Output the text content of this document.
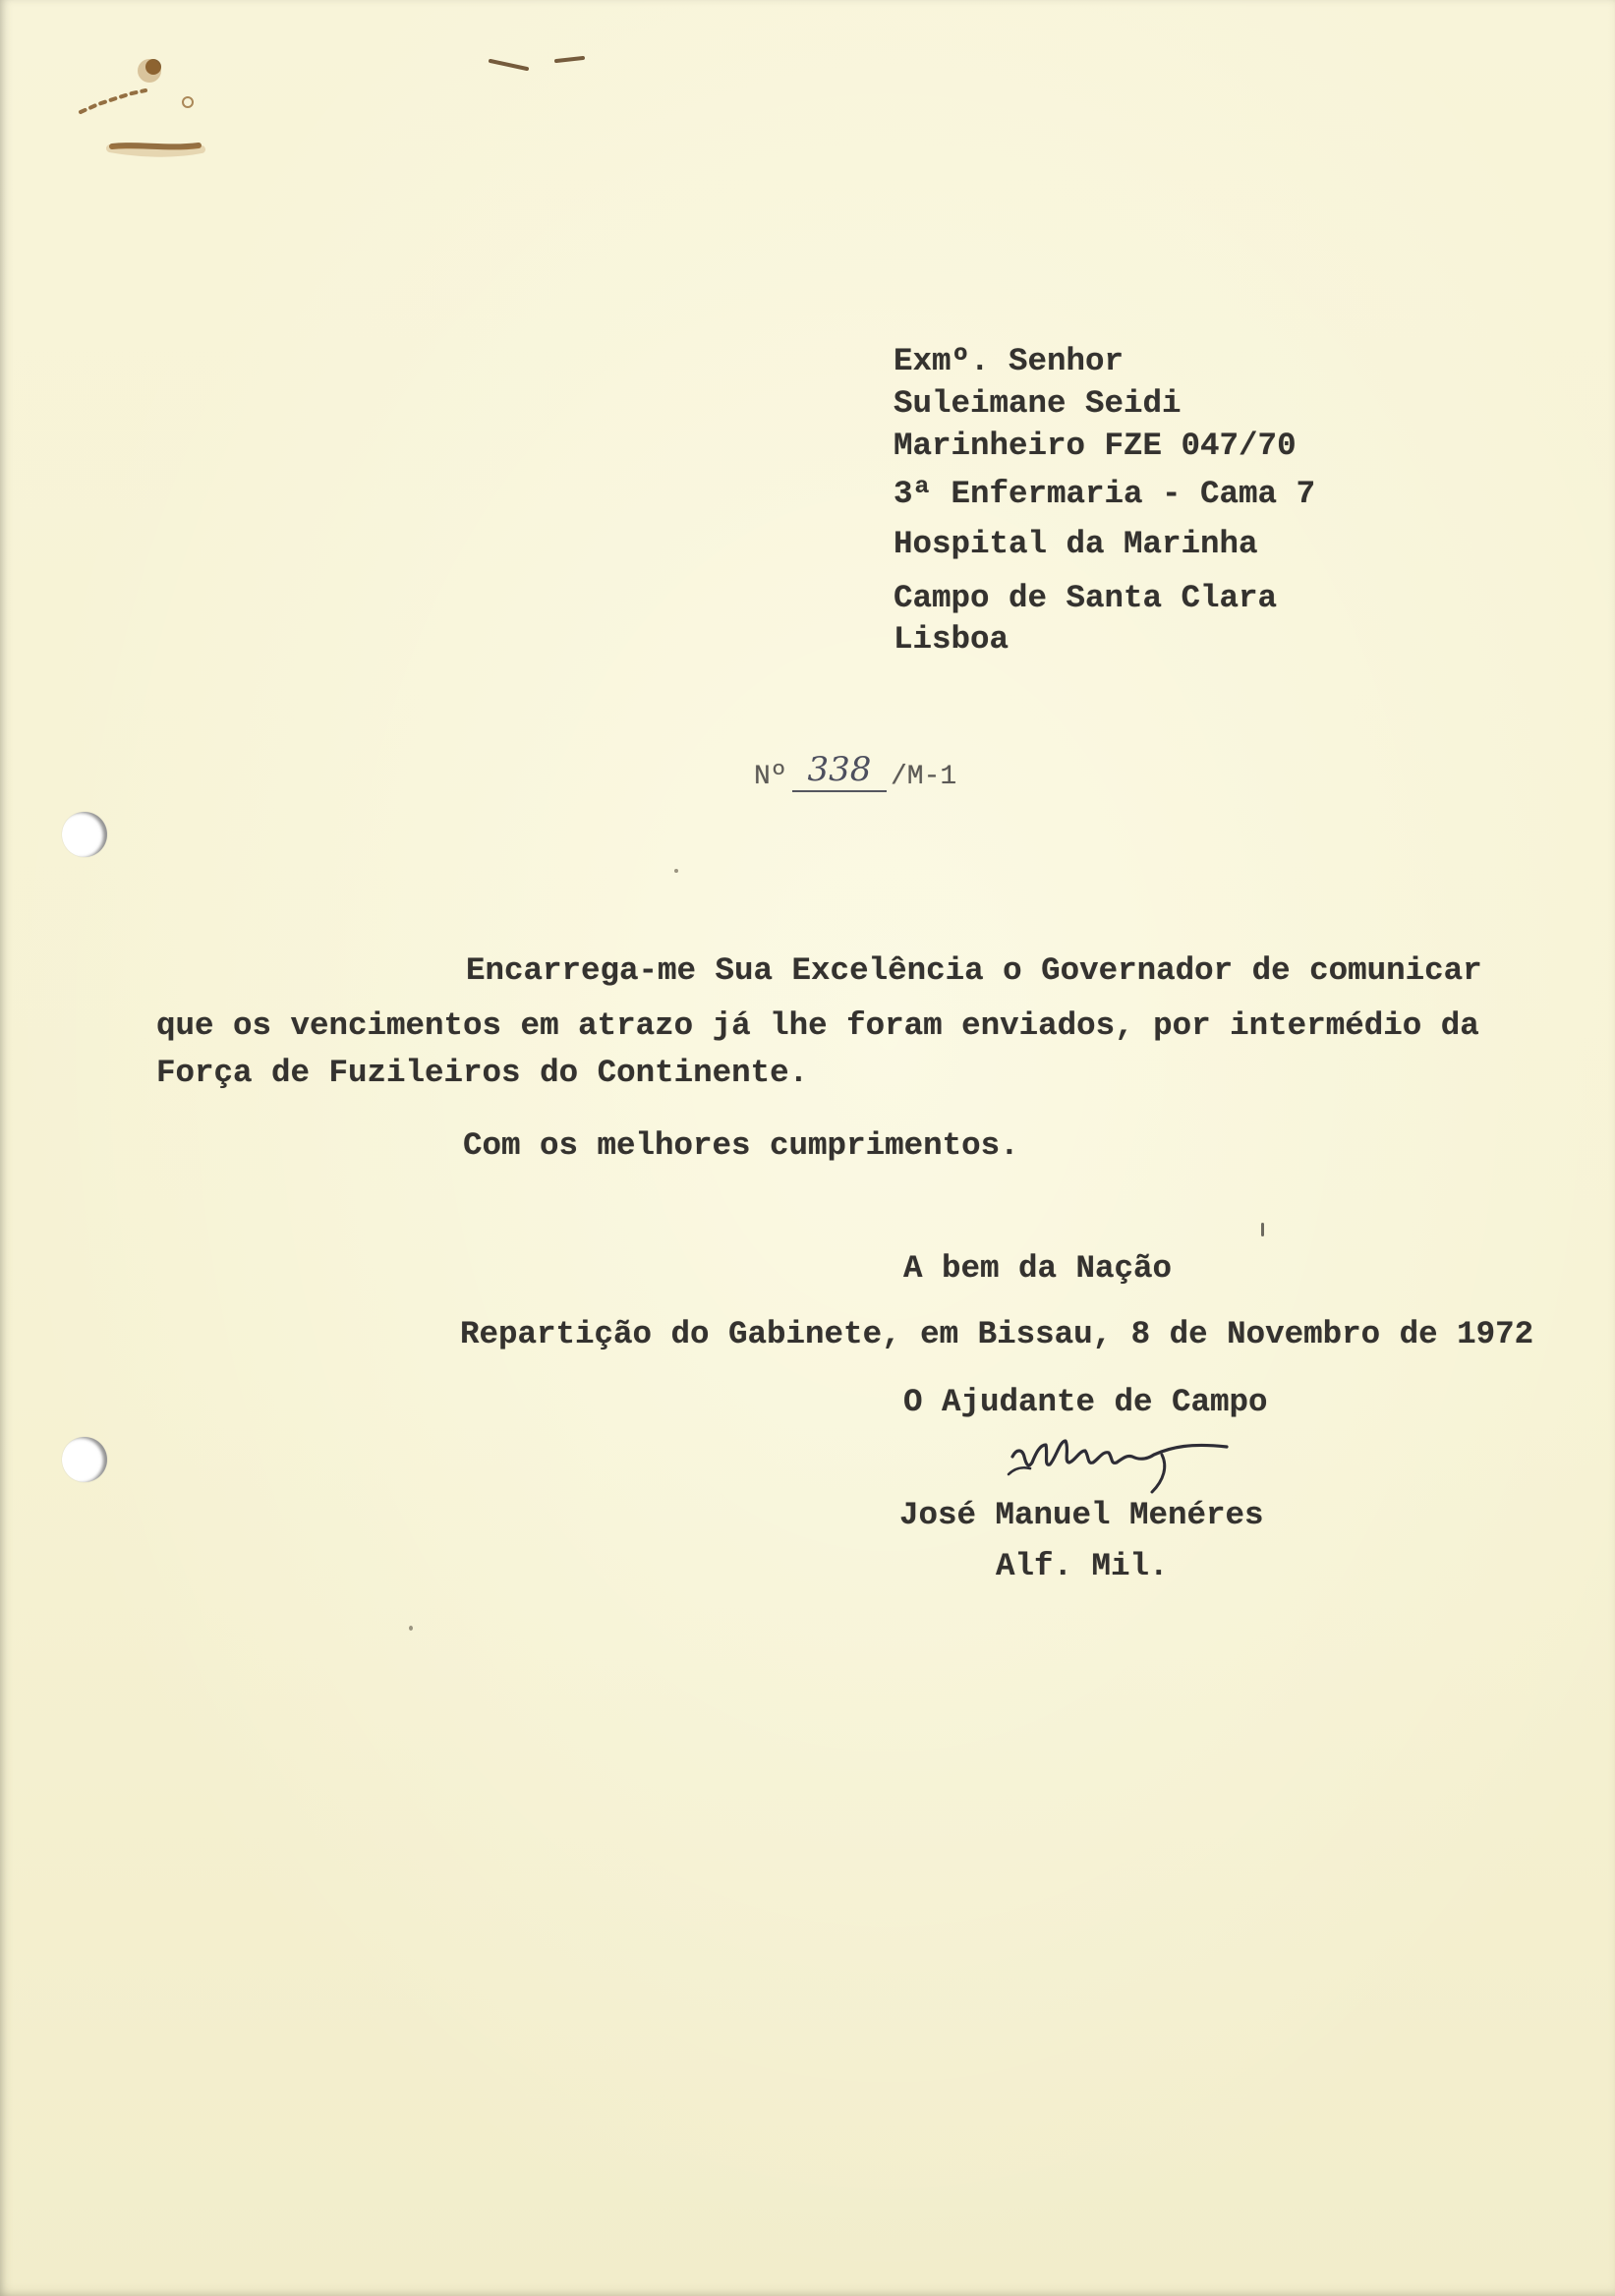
Exmº. Senhor
Suleimane Seidi
Marinheiro FZE 047/70
3ª Enfermaria - Cama 7
Hospital da Marinha
Campo de Santa Clara
Lisboa
Nº 338 /M-1
Encarrega-me Sua Excelência o Governador de comunicar
que os vencimentos em atrazo já lhe foram enviados, por intermédio da
Força de Fuzileiros do Continente.
Com os melhores cumprimentos.
A bem da Nação
Repartição do Gabinete, em Bissau, 8 de Novembro de 1972
O Ajudante de Campo
José Manuel Menéres
Alf. Mil.
